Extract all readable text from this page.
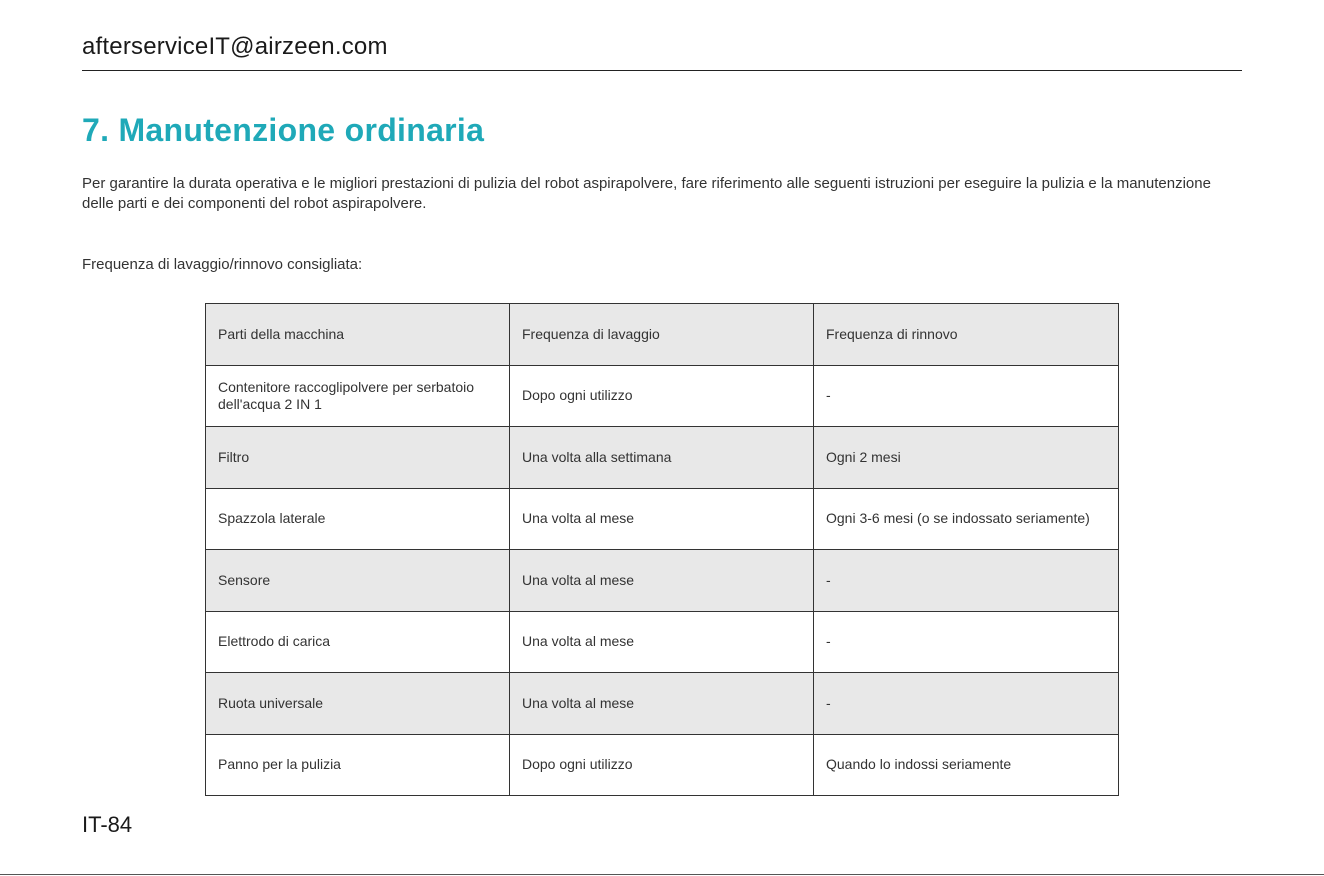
afterserviceIT@airzeen.com
7. Manutenzione ordinaria

Per garantire la durata operativa e le migliori prestazioni di pulizia del robot aspirapolvere, fare riferimento alle seguenti istruzioni per eseguire la pulizia e la manutenzione delle parti e dei componenti del robot aspirapolvere.

Frequenza di lavaggio/rinnovo consigliata:

Parti della macchina	Frequenza di lavaggio	Frequenza di rinnovo
Contenitore raccoglipolvere per serbatoio dell'acqua 2 IN 1	Dopo ogni utilizzo	-
Filtro	Una volta alla settimana	Ogni 2 mesi
Spazzola laterale	Una volta al mese	Ogni 3-6 mesi (o se indossato seriamente)
Sensore	Una volta al mese	-
Elettrodo di carica	Una volta al mese	-
Ruota universale	Una volta al mese	-
Panno per la pulizia	Dopo ogni utilizzo	Quando lo indossi seriamente
IT-84
